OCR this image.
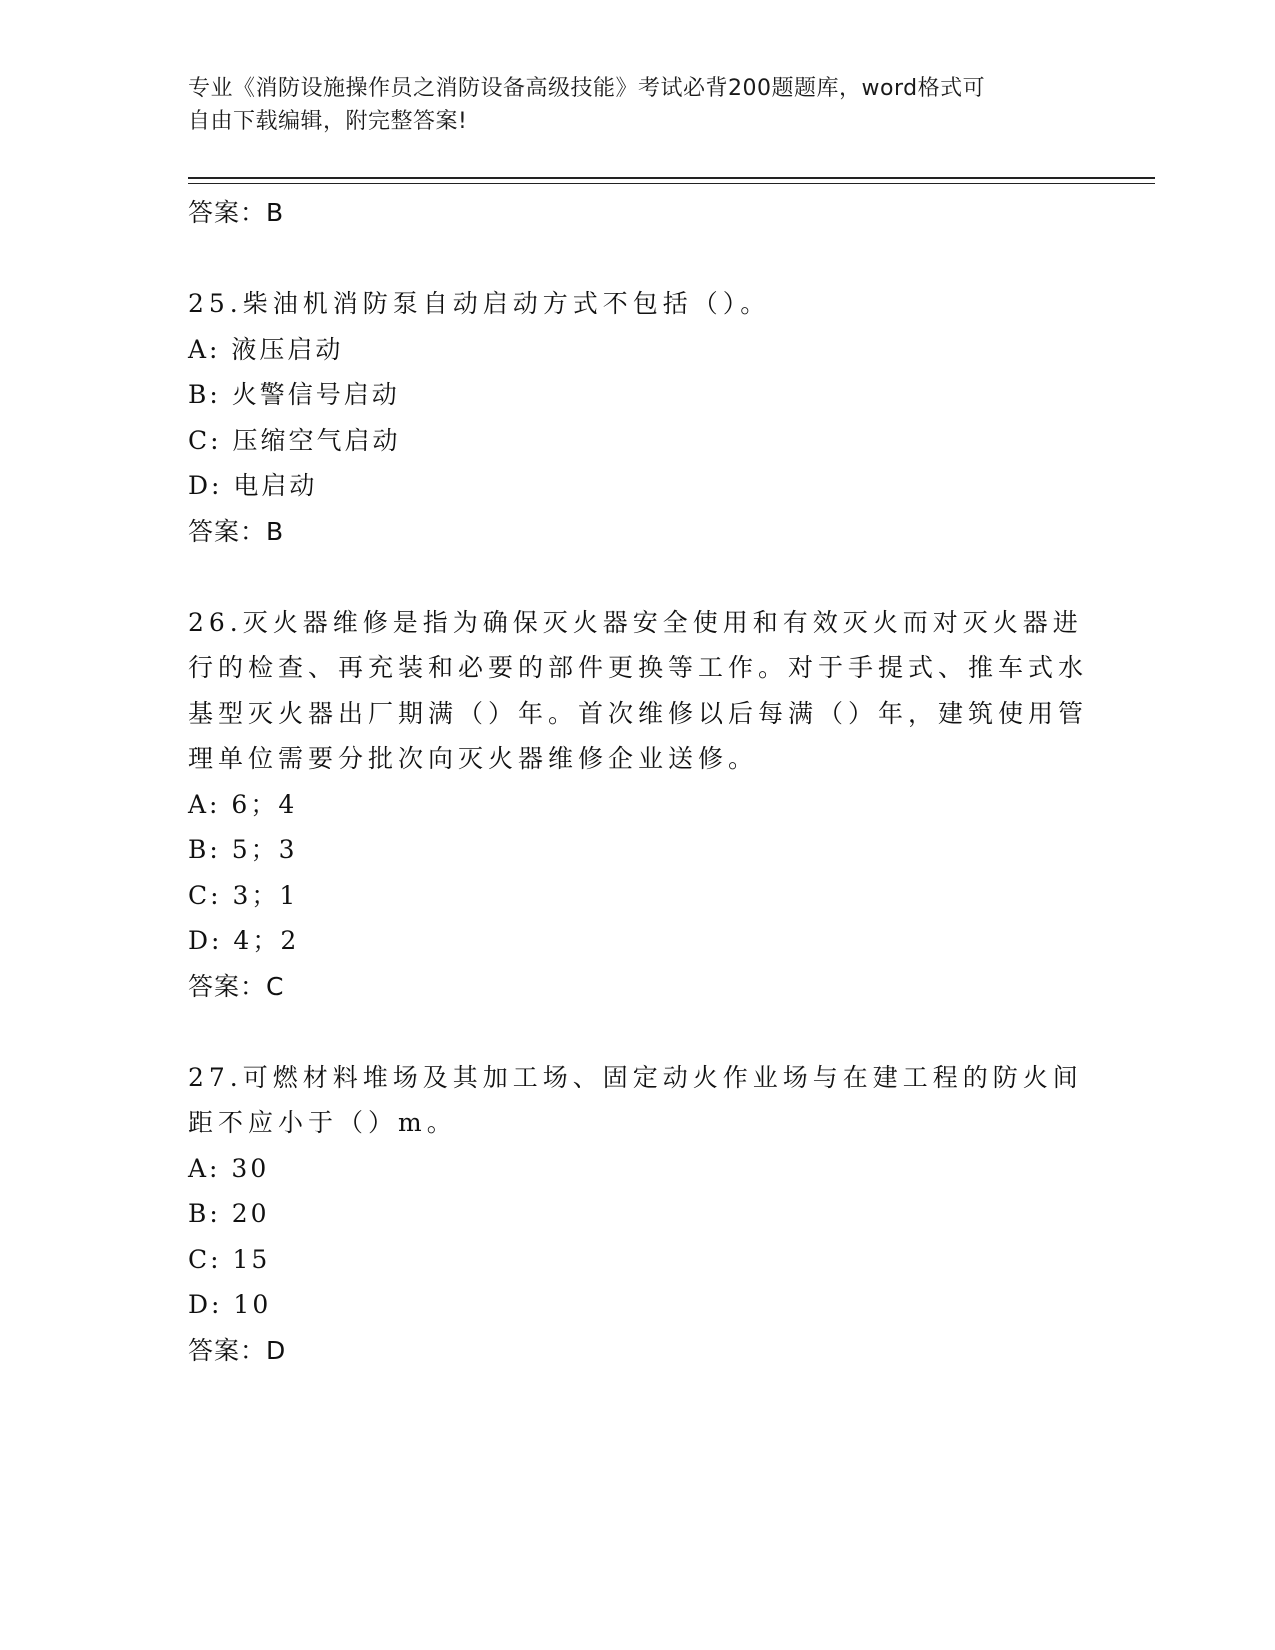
专业《消防设施操作员之消防设备高级技能》考试必背200题题库，word格式可
自由下载编辑，附完整答案!
答案：B
25.柴油机消防泵自动启动方式不包括（）。
A: 液压启动
B: 火警信号启动
C: 压缩空气启动
D: 电启动
答案：B
26.灭火器维修是指为确保灭火器安全使用和有效灭火而对灭火器进行的检查、再充装和必要的部件更换等工作。对于手提式、推车式水基型灭火器出厂期满（）年。首次维修以后每满（）年，建筑使用管理单位需要分批次向灭火器维修企业送修。
A: 6；4
B: 5；3
C: 3；1
D: 4；2
答案：C
27.可燃材料堆场及其加工场、固定动火作业场与在建工程的防火间距不应小于（）m。
A: 30
B: 20
C: 15
D: 10
答案：D
